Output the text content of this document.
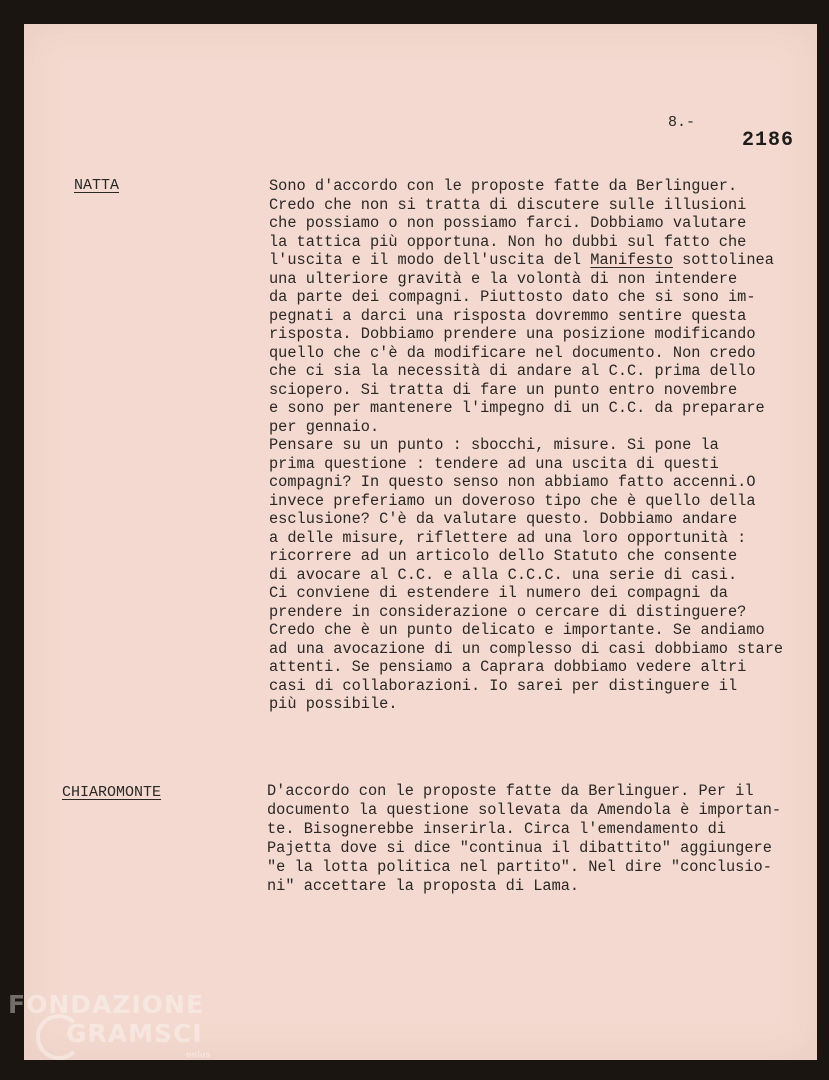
8.-
2186
NATTA	Sono d'accordo con le proposte fatte da Berlinguer.
Credo che non si tratta di discutere sulle illusioni
che possiamo o non possiamo farci. Dobbiamo valutare
la tattica più opportuna. Non ho dubbi sul fatto che
l'uscita e il modo dell'uscita del Manifesto sottolinea
una ulteriore gravità e la volontà di non intendere
da parte dei compagni. Piuttosto dato che si sono im-
pegnati a darci una risposta dovremmo sentire questa
risposta. Dobbiamo prendere una posizione modificando
quello che c'è da modificare nel documento. Non credo
che ci sia la necessità di andare al C.C. prima dello
sciopero. Si tratta di fare un punto entro novembre
e sono per mantenere l'impegno di un C.C. da preparare
per gennaio.
Pensare su un punto : sbocchi, misure. Si pone la
prima questione : tendere ad una uscita di questi
compagni? In questo senso non abbiamo fatto accenni.O
invece preferiamo un doveroso tipo che è quello della
esclusione? C'è da valutare questo. Dobbiamo andare
a delle misure, riflettere ad una loro opportunità :
ricorrere ad un articolo dello Statuto che consente
di avocare al C.C. e alla C.C.C. una serie di casi.
Ci conviene di estendere il numero dei compagni da
prendere in considerazione o cercare di distinguere?
Credo che è un punto delicato e importante. Se andiamo
ad una avocazione di un complesso di casi dobbiamo stare
attenti. Se pensiamo a Caprara dobbiamo vedere altri
casi di collaborazioni. Io sarei per distinguere il
più possibile.
CHIAROMONTE	D'accordo con le proposte fatte da Berlinguer. Per il
documento la questione sollevata da Amendola è importan-
te. Bisognerebbe inserirla. Circa l'emendamento di
Pajetta dove si dice "continua il dibattito" aggiungere
"e la lotta politica nel partito". Nel dire "conclusio-
ni" accettare la proposta di Lama.
FONDAZIONE
GRAMSCI
onlus
